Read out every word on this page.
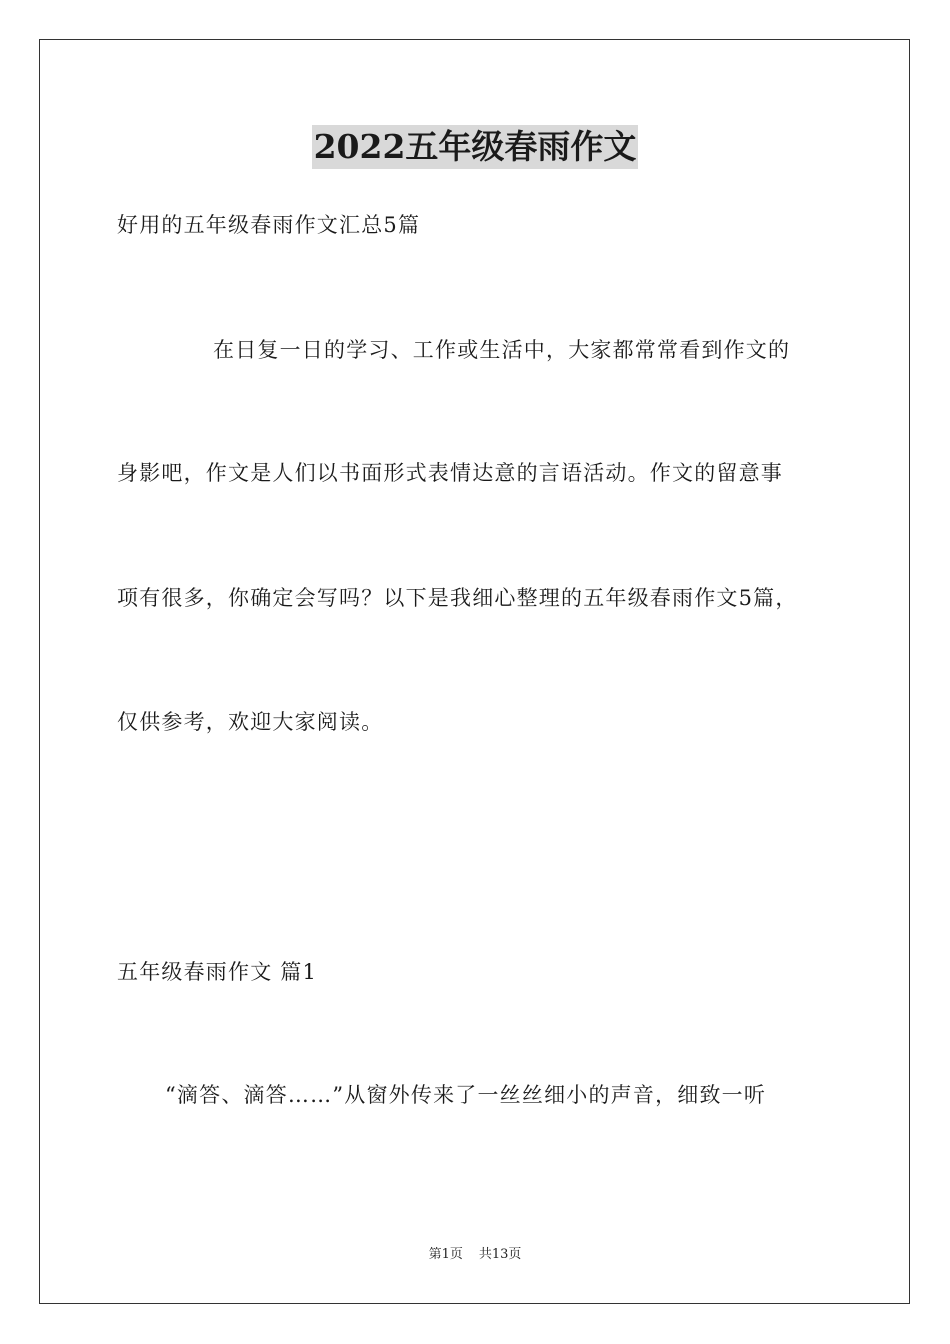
2022五年级春雨作文
好用的五年级春雨作文汇总5篇
在日复一日的学习、工作或生活中，大家都常常看到作文的
身影吧，作文是人们以书面形式表情达意的言语活动。作文的留意事
项有很多，你确定会写吗？以下是我细心整理的五年级春雨作文5篇，
仅供参考，欢迎大家阅读。
五年级春雨作文 篇1
“滴答、滴答……”从窗外传来了一丝丝细小的声音，细致一听
第1页 共13页
